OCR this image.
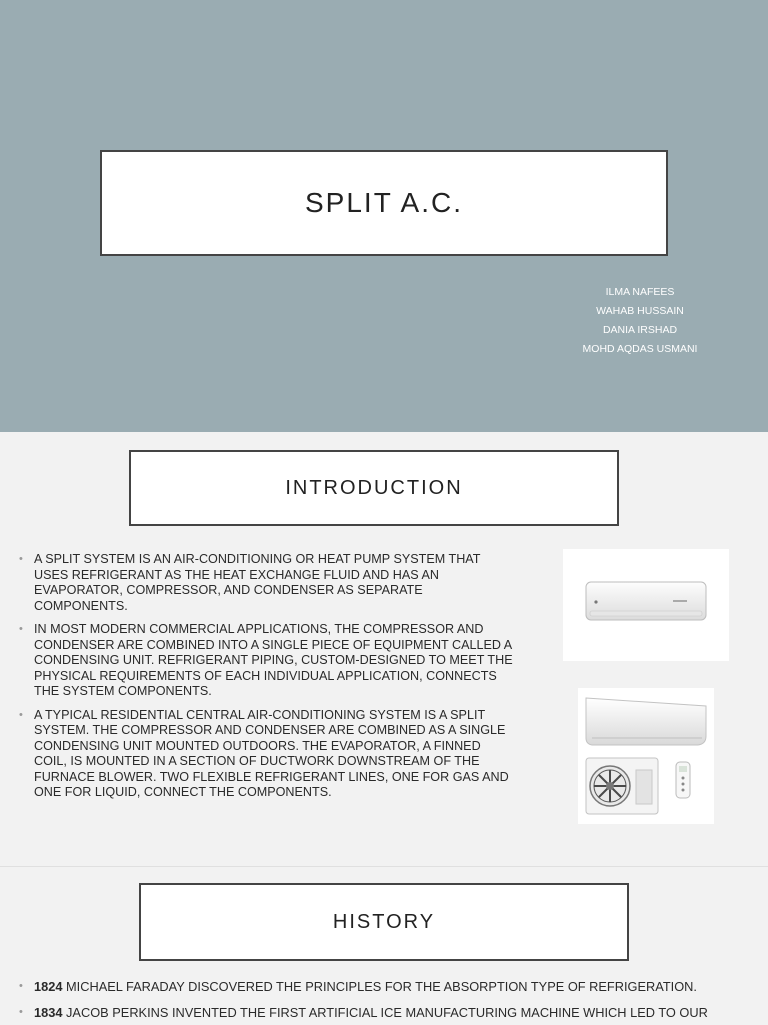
SPLIT A.C.
ILMA NAFEES
WAHAB HUSSAIN
DANIA IRSHAD
MOHD AQDAS USMANI
INTRODUCTION
• A SPLIT SYSTEM IS AN AIR-CONDITIONING OR HEAT PUMP SYSTEM THAT USES REFRIGERANT AS THE HEAT EXCHANGE FLUID AND HAS AN EVAPORATOR, COMPRESSOR, AND CONDENSER AS SEPARATE COMPONENTS.
• IN MOST MODERN COMMERCIAL APPLICATIONS, THE COMPRESSOR AND CONDENSER ARE COMBINED INTO A SINGLE PIECE OF EQUIPMENT CALLED A CONDENSING UNIT. REFRIGERANT PIPING, CUSTOM-DESIGNED TO MEET THE PHYSICAL REQUIREMENTS OF EACH INDIVIDUAL APPLICATION, CONNECTS THE SYSTEM COMPONENTS.
• A TYPICAL RESIDENTIAL CENTRAL AIR-CONDITIONING SYSTEM IS A SPLIT SYSTEM. THE COMPRESSOR AND CONDENSER ARE COMBINED AS A SINGLE CONDENSING UNIT MOUNTED OUTDOORS. THE EVAPORATOR, A FINNED COIL, IS MOUNTED IN A SECTION OF DUCTWORK DOWNSTREAM OF THE FURNACE BLOWER. TWO FLEXIBLE REFRIGERANT LINES, ONE FOR GAS AND ONE FOR LIQUID, CONNECT THE COMPONENTS.
HISTORY
• 1824 MICHAEL FARADAY DISCOVERED THE PRINCIPLES FOR THE ABSORPTION TYPE OF REFRIGERATION.
• 1834 JACOB PERKINS INVENTED THE FIRST ARTIFICIAL ICE MANUFACTURING MACHINE WHICH LED TO OUR
